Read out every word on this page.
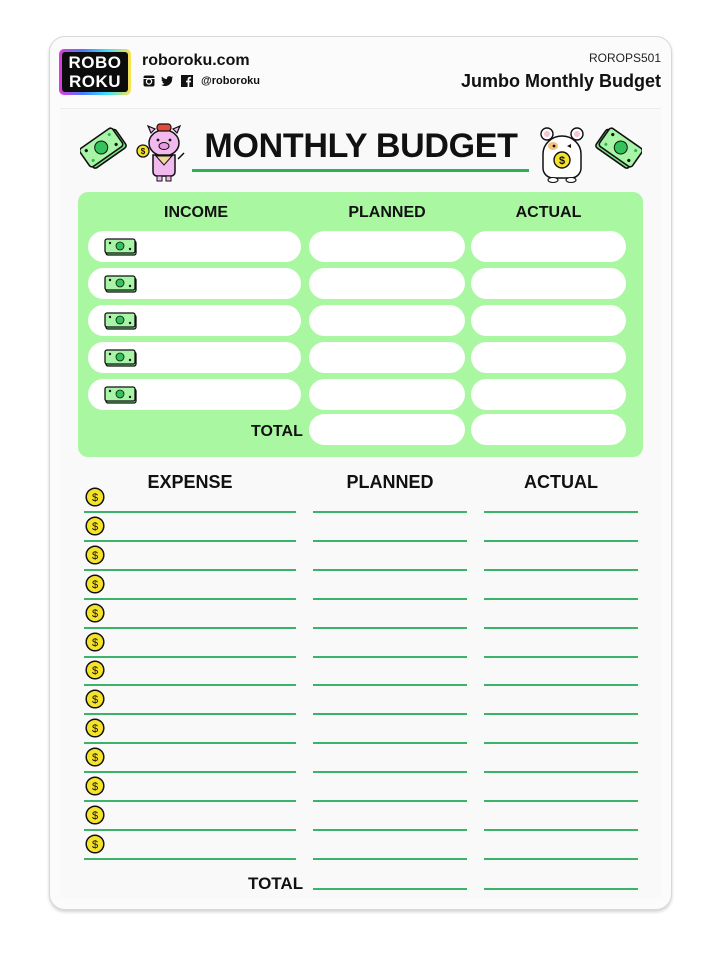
ROBO
ROKU
roboroku.com
@roboroku
ROROPS501
Jumbo Monthly Budget
$	MONTHLY BUDGET	$
INCOME	PLANNED	ACTUAL
TOTAL
EXPENSE	PLANNED	ACTUAL
$
$
$
$
$
$
$
$
$
$
$
$
$
TOTAL
